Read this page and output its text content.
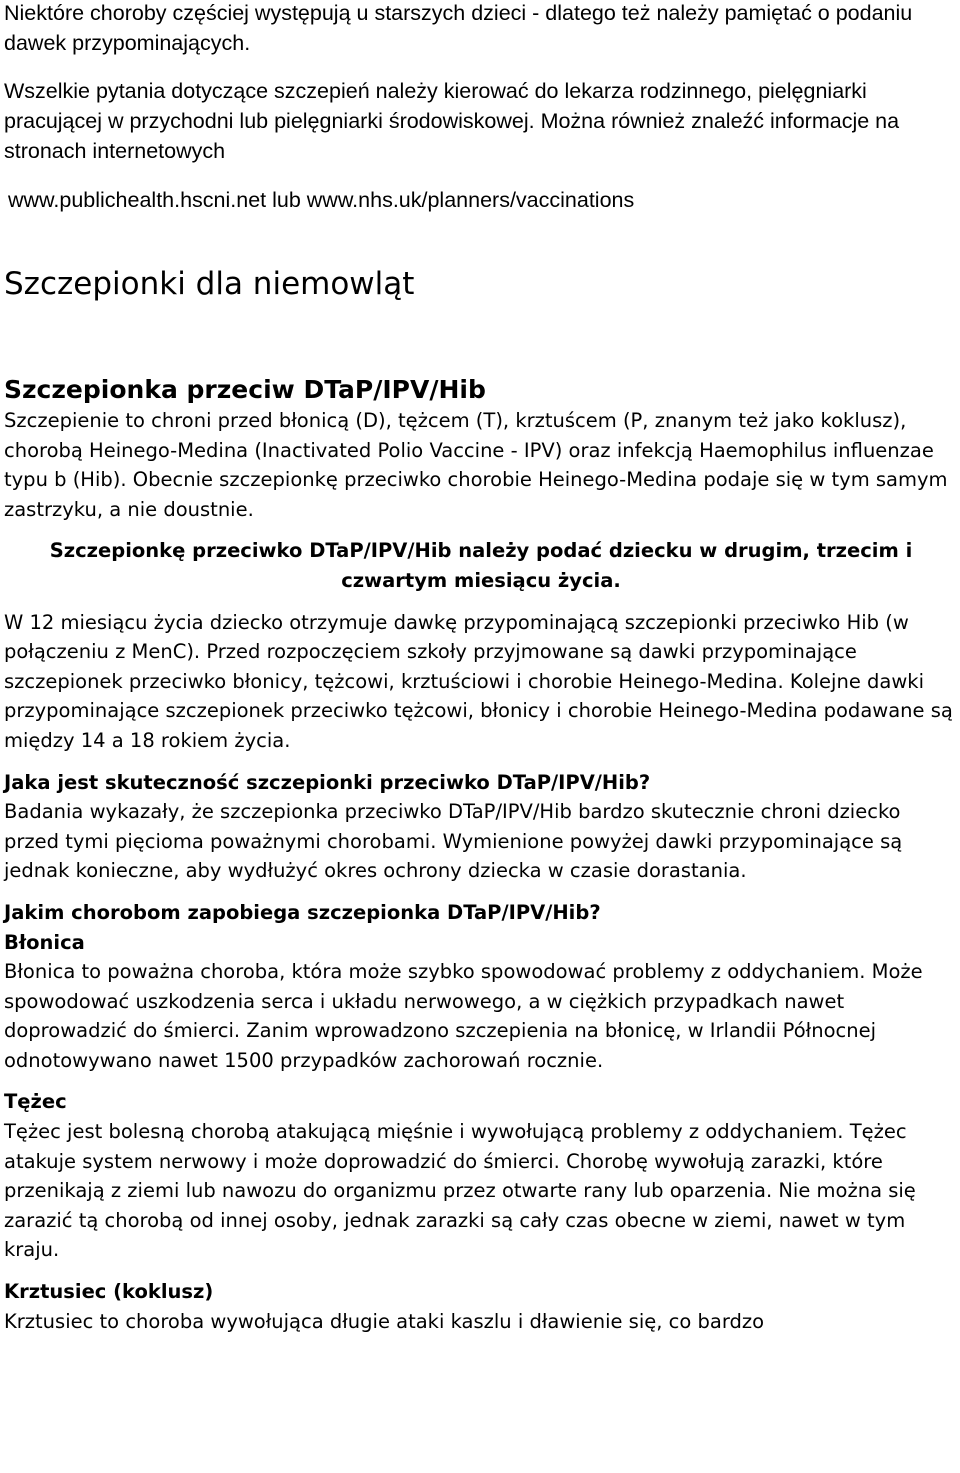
Niektóre choroby częściej występują u starszych dzieci - dlatego też należy pamiętać o podaniu dawek przypominających.

Wszelkie pytania dotyczące szczepień należy kierować do lekarza rodzinnego, pielęgniarki pracującej w przychodni lub pielęgniarki środowiskowej. Można również znaleźć informacje na stronach internetowych

www.publichealth.hscni.net lub www.nhs.uk/planners/vaccinations
Szczepionki dla niemowląt
Szczepionka przeciw DTaP/IPV/Hib

Szczepienie to chroni przed błonicą (D), tężcem (T), krztuścem (P, znanym też jako koklusz), chorobą Heinego-Medina (Inactivated Polio Vaccine - IPV) oraz infekcją Haemophilus influenzae typu b (Hib). Obecnie szczepionkę przeciwko chorobie Heinego-Medina podaje się w tym samym zastrzyku, a nie doustnie.

Szczepionkę przeciwko DTaP/IPV/Hib należy podać dziecku w drugim, trzecim i czwartym miesiącu życia.

W 12 miesiącu życia dziecko otrzymuje dawkę przypominającą szczepionki przeciwko Hib (w połączeniu z MenC). Przed rozpoczęciem szkoły przyjmowane są dawki przypominające szczepionek przeciwko błonicy, tężcowi, krztuściowi i chorobie Heinego-Medina. Kolejne dawki przypominające szczepionek przeciwko tężcowi, błonicy i chorobie Heinego-Medina podawane są między 14 a 18 rokiem życia.

Jaka jest skuteczność szczepionki przeciwko DTaP/IPV/Hib?

Badania wykazały, że szczepionka przeciwko DTaP/IPV/Hib bardzo skutecznie chroni dziecko przed tymi pięcioma poważnymi chorobami. Wymienione powyżej dawki przypominające są jednak konieczne, aby wydłużyć okres ochrony dziecka w czasie dorastania.

Jakim chorobom zapobiega szczepionka DTaP/IPV/Hib?

Błonica

Błonica to poważna choroba, która może szybko spowodować problemy z oddychaniem. Może spowodować uszkodzenia serca i układu nerwowego, a w ciężkich przypadkach nawet doprowadzić do śmierci. Zanim wprowadzono szczepienia na błonicę, w Irlandii Północnej odnotowywano nawet 1500 przypadków zachorowań rocznie.

Tężec

Tężec jest bolesną chorobą atakującą mięśnie i wywołującą problemy z oddychaniem. Tężec atakuje system nerwowy i może doprowadzić do śmierci. Chorobę wywołują zarazki, które przenikają z ziemi lub nawozu do organizmu przez otwarte rany lub oparzenia. Nie można się zarazić tą chorobą od innej osoby, jednak zarazki są cały czas obecne w ziemi, nawet w tym kraju.

Krztusiec (koklusz)

Krztusiec to choroba wywołująca długie ataki kaszlu i dławienie się, co bardzo
